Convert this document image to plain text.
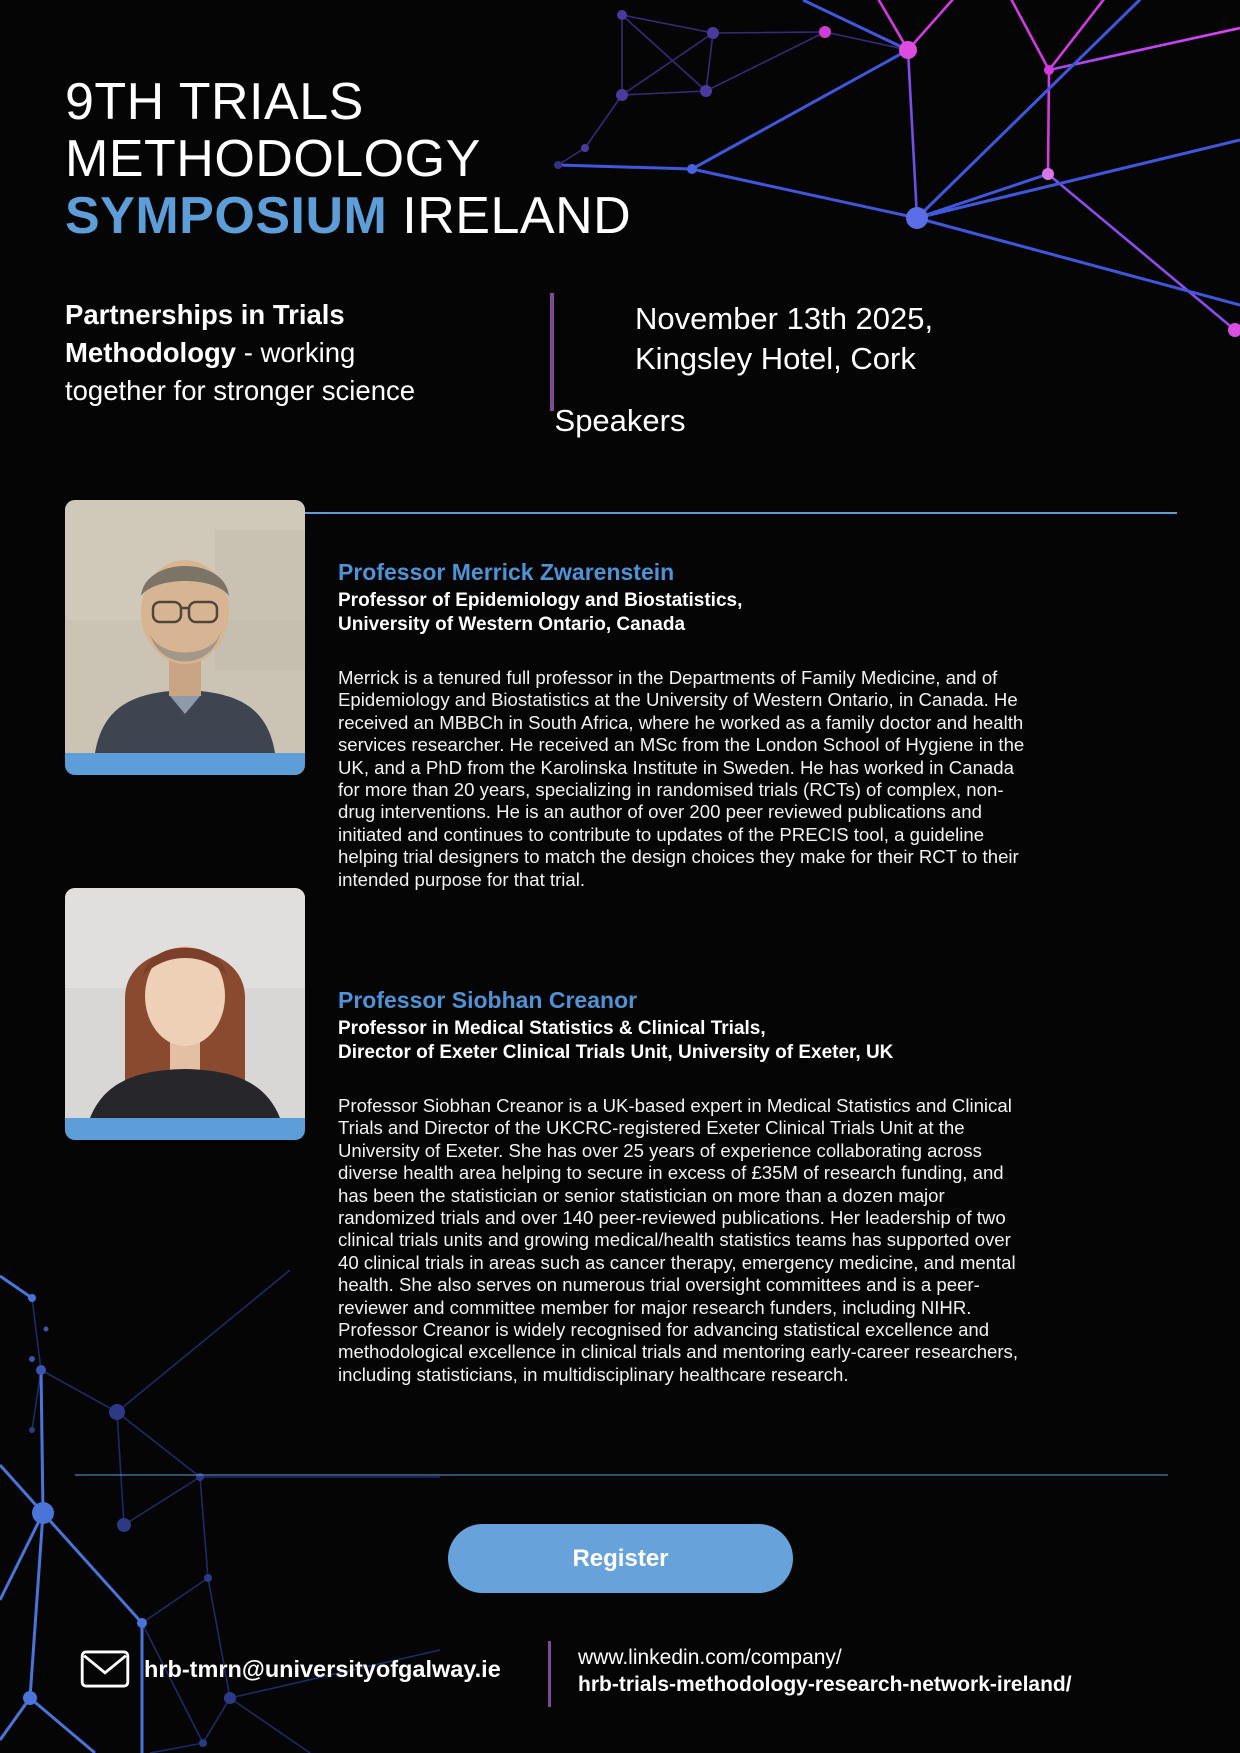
9TH TRIALS
METHODOLOGY
SYMPOSIUM IRELAND
Partnerships in Trials
Methodology - working
together for stronger science
November 13th 2025,
Kingsley Hotel, Cork
Speakers
Professor Merrick Zwarenstein
Professor of Epidemiology and Biostatistics,
University of Western Ontario, Canada

Merrick is a tenured full professor in the Departments of Family Medicine, and of Epidemiology and Biostatistics at the University of Western Ontario, in Canada. He received an MBBCh in South Africa, where he worked as a family doctor and health services researcher. He received an MSc from the London School of Hygiene in the UK, and a PhD from the Karolinska Institute in Sweden. He has worked in Canada for more than 20 years, specializing in randomised trials (RCTs) of complex, non-drug interventions. He is an author of over 200 peer reviewed publications and initiated and continues to contribute to updates of the PRECIS tool, a guideline helping trial designers to match the design choices they make for their RCT to their intended purpose for that trial.

Professor Siobhan Creanor
Professor in Medical Statistics & Clinical Trials,
Director of Exeter Clinical Trials Unit, University of Exeter, UK

Professor Siobhan Creanor is a UK-based expert in Medical Statistics and Clinical Trials and Director of the UKCRC-registered Exeter Clinical Trials Unit at the University of Exeter. She has over 25 years of experience collaborating across diverse health area helping to secure in excess of £35M of research funding, and has been the statistician or senior statistician on more than a dozen major randomized trials and over 140 peer-reviewed publications. Her leadership of two clinical trials units and growing medical/health statistics teams has supported over 40 clinical trials in areas such as cancer therapy, emergency medicine, and mental health. She also serves on numerous trial oversight committees and is a peer-reviewer and committee member for major research funders, including NIHR. Professor Creanor is widely recognised for advancing statistical excellence and methodological excellence in clinical trials and mentoring early-career researchers, including statisticians, in multidisciplinary healthcare research.

Register
hrb-tmrn@universityofgalway.ie	www.linkedin.com/company/
hrb-trials-methodology-research-network-ireland/
